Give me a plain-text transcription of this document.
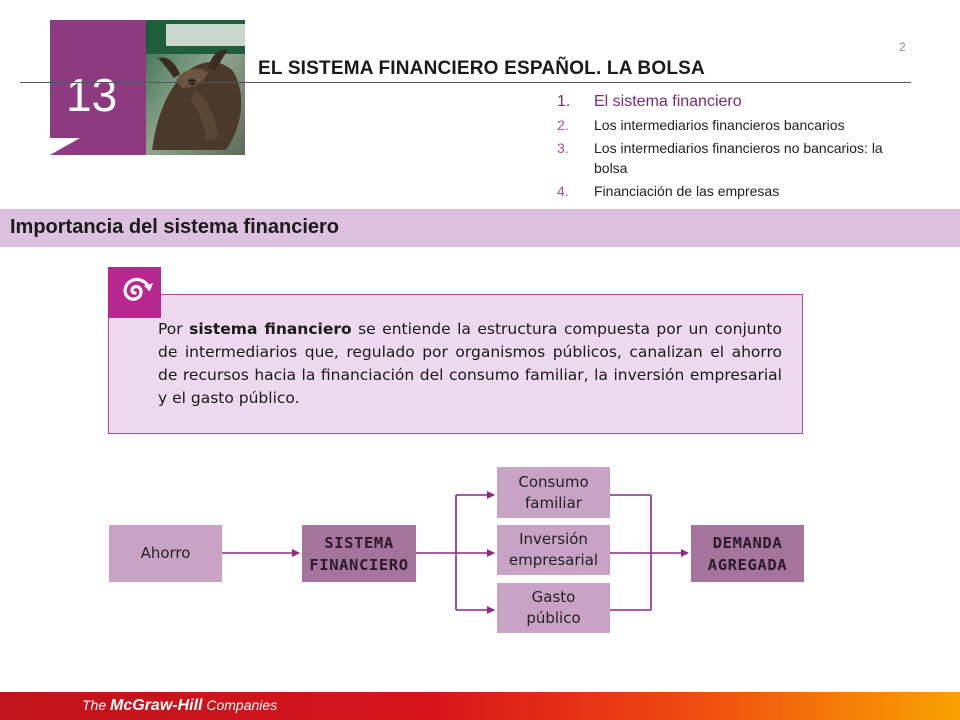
13
EL SISTEMA FINANCIERO ESPAÑOL. LA BOLSA
2
1. El sistema financiero
2. Los intermediarios financieros bancarios
3. Los intermediarios financieros no bancarios: la bolsa
4. Financiación de las empresas
Importancia del sistema financiero
Por sistema financiero se entiende la estructura compuesta por un conjunto de intermediarios que, regulado por organismos públicos, canalizan el ahorro de recursos hacia la financiación del consumo familiar, la inversión empresarial y el gasto público.
Ahorro
SISTEMA
FINANCIERO
Consumo
familiar
Inversión
empresarial
Gasto
público
DEMANDA
AGREGADA
The McGraw-Hill Companies
